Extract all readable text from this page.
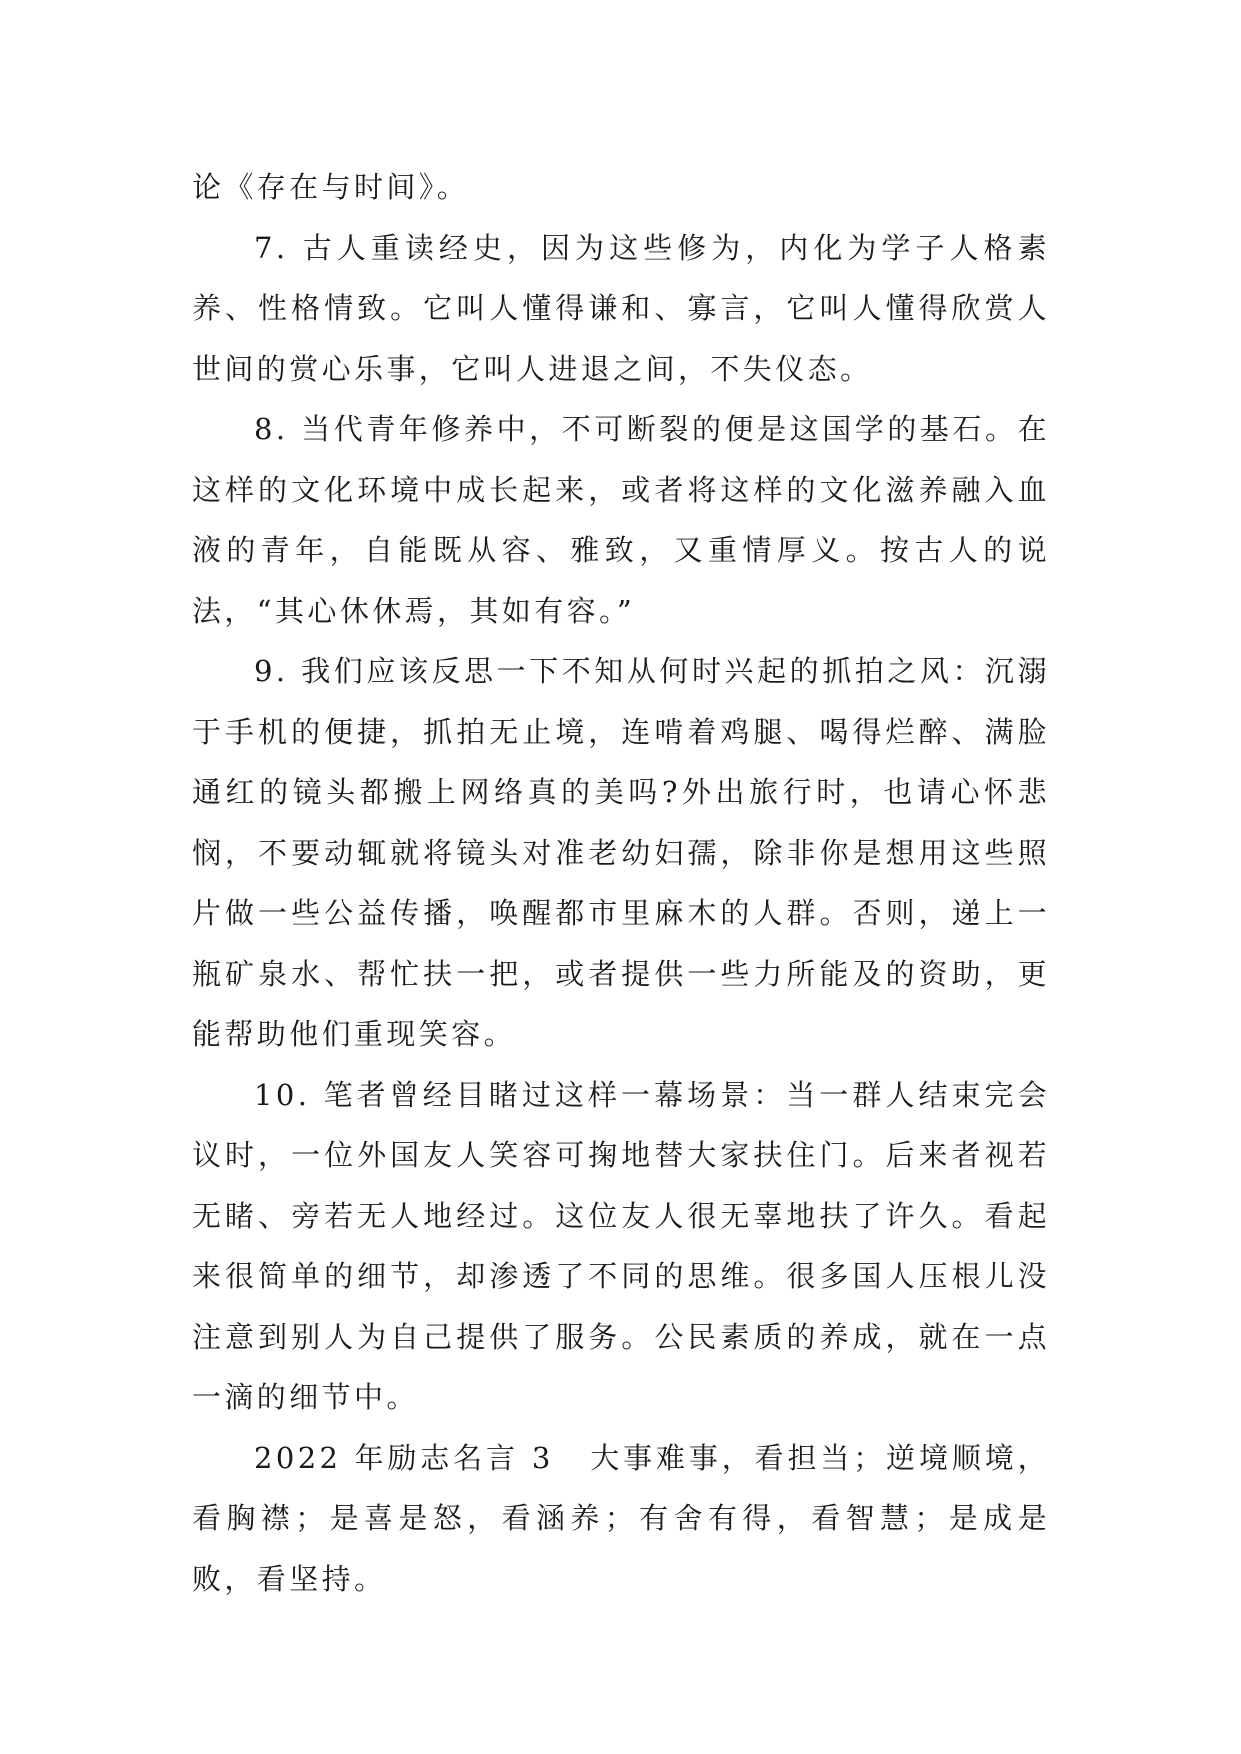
论《存在与时间》。

7. 古人重读经史，因为这些修为，内化为学子人格素养、性格情致。它叫人懂得谦和、寡言，它叫人懂得欣赏人世间的赏心乐事，它叫人进退之间，不失仪态。

8. 当代青年修养中，不可断裂的便是这国学的基石。在这样的文化环境中成长起来，或者将这样的文化滋养融入血液的青年，自能既从容、雅致，又重情厚义。按古人的说法，“其心休休焉，其如有容。”

9. 我们应该反思一下不知从何时兴起的抓拍之风：沉溺于手机的便捷，抓拍无止境，连啃着鸡腿、喝得烂醉、满脸通红的镜头都搬上网络真的美吗?外出旅行时，也请心怀悲悯，不要动辄就将镜头对准老幼妇孺，除非你是想用这些照片做一些公益传播，唤醒都市里麻木的人群。否则，递上一瓶矿泉水、帮忙扶一把，或者提供一些力所能及的资助，更能帮助他们重现笑容。

10. 笔者曾经目睹过这样一幕场景：当一群人结束完会议时，一位外国友人笑容可掬地替大家扶住门。后来者视若无睹、旁若无人地经过。这位友人很无辜地扶了许久。看起来很简单的细节，却渗透了不同的思维。很多国人压根儿没注意到别人为自己提供了服务。公民素质的养成，就在一点一滴的细节中。

2022 年励志名言 3 大事难事，看担当；逆境顺境，看胸襟；是喜是怒，看涵养；有舍有得，看智慧；是成是败，看坚持。
